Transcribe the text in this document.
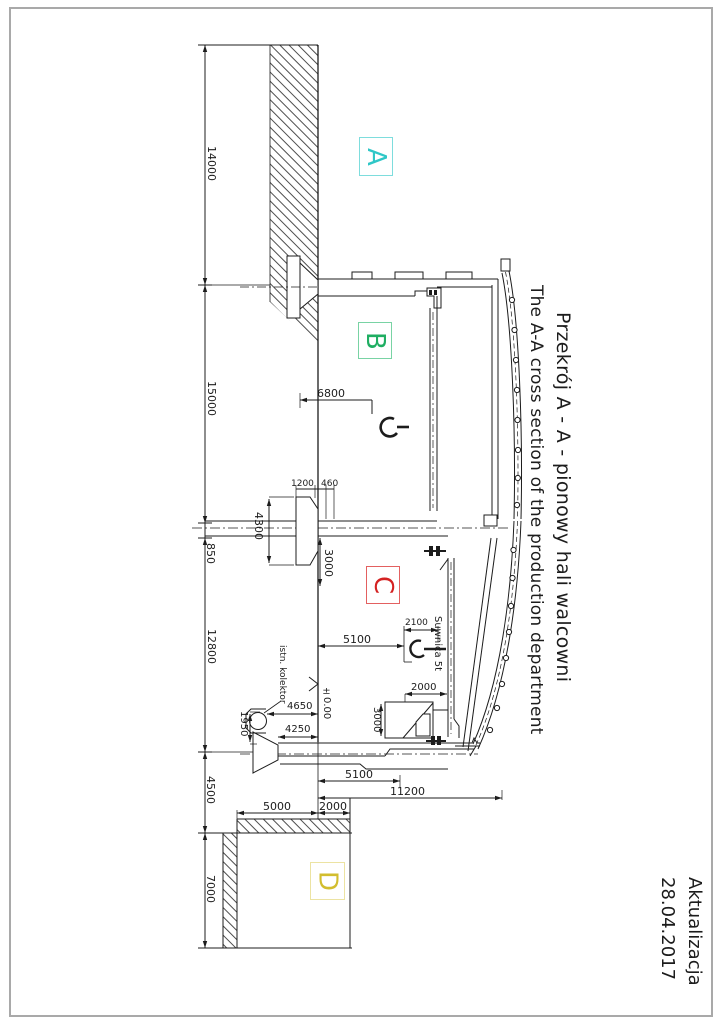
14000
15000
850
12800
4500
7000
6800
4300
3000
1200 460
5100
2100
2000
3000
4650
4250
1950
5100
11200
5000	2000
±0.00
Suwnica 5t
istn. kolektor
A
B
C
D
Przekrój A - A - pionowy hali walcowni
The A-A cross section of the production department
Aktualizacja
28.04.2017
